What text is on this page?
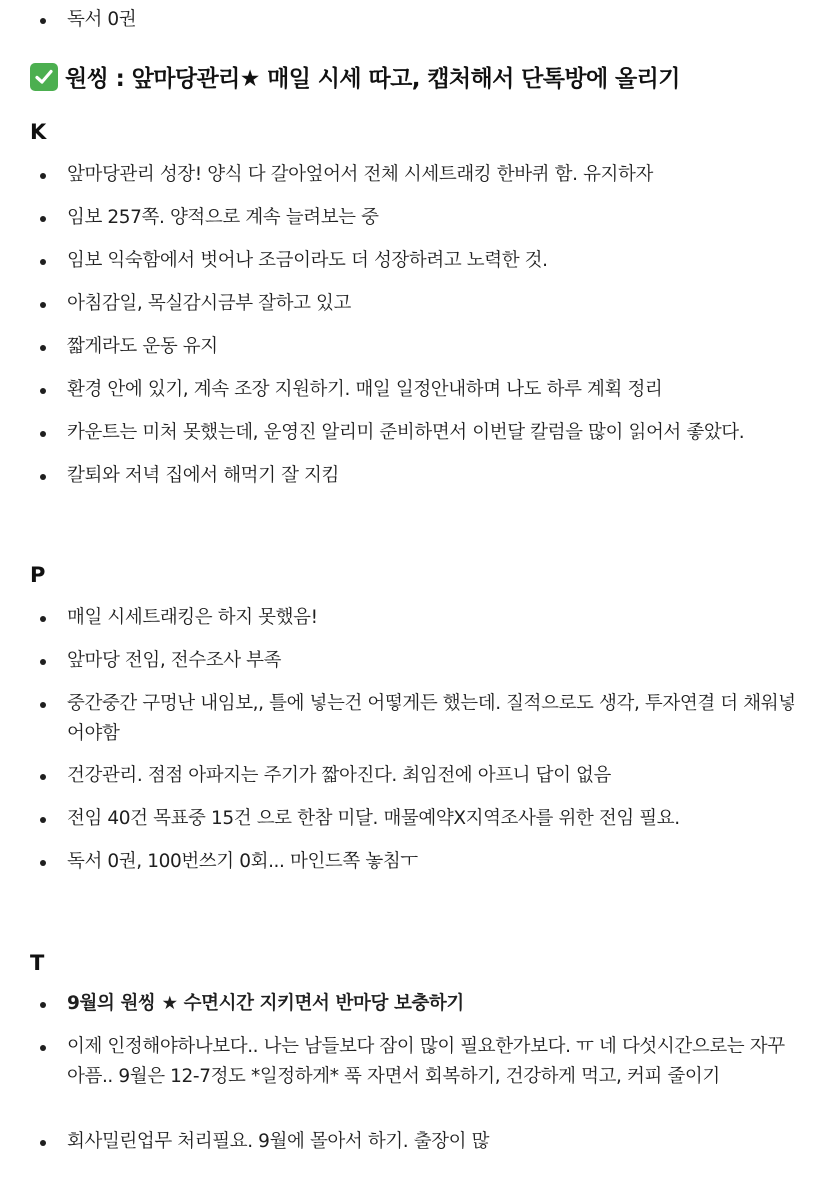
독서 0권
원씽 : 앞마당관리★ 매일 시세 따고, 캡처해서 단톡방에 올리기
K
앞마당관리 성장! 양식 다 갈아엎어서 전체 시세트래킹 한바퀴 함. 유지하자
임보 257쪽. 양적으로 계속 늘려보는 중
임보 익숙함에서 벗어나 조금이라도 더 성장하려고 노력한 것.
아침감일, 목실감시금부 잘하고 있고
짧게라도 운동 유지
환경 안에 있기, 계속 조장 지원하기. 매일 일정안내하며 나도 하루 계획 정리
카운트는 미처 못했는데, 운영진 알리미 준비하면서 이번달 칼럼을 많이 읽어서 좋았다.
칼퇴와 저녁 집에서 해먹기 잘 지킴
P
매일 시세트래킹은 하지 못했음!
앞마당 전임, 전수조사 부족
중간중간 구멍난 내임보,, 틀에 넣는건 어떻게든 했는데. 질적으로도 생각, 투자연결 더 채워넣어야함
건강관리. 점점 아파지는 주기가 짧아진다. 최임전에 아프니 답이 없음
전임 40건 목표중 15건 으로 한참 미달. 매물예약X지역조사를 위한 전임 필요.
독서 0권, 100번쓰기 0회... 마인드쪽 놓침ㅜ
T
9월의 원씽 ★ 수면시간 지키면서 반마당 보충하기
이제 인정해야하나보다.. 나는 남들보다 잠이 많이 필요한가보다. ㅠ 네 다섯시간으로는 자꾸 아픔.. 9월은 12-7정도 *일정하게* 푹 자면서 회복하기, 건강하게 먹고, 커피 줄이기
회사밀린업무 처리필요. 9월에 몰아서 하기. 출장이 많
